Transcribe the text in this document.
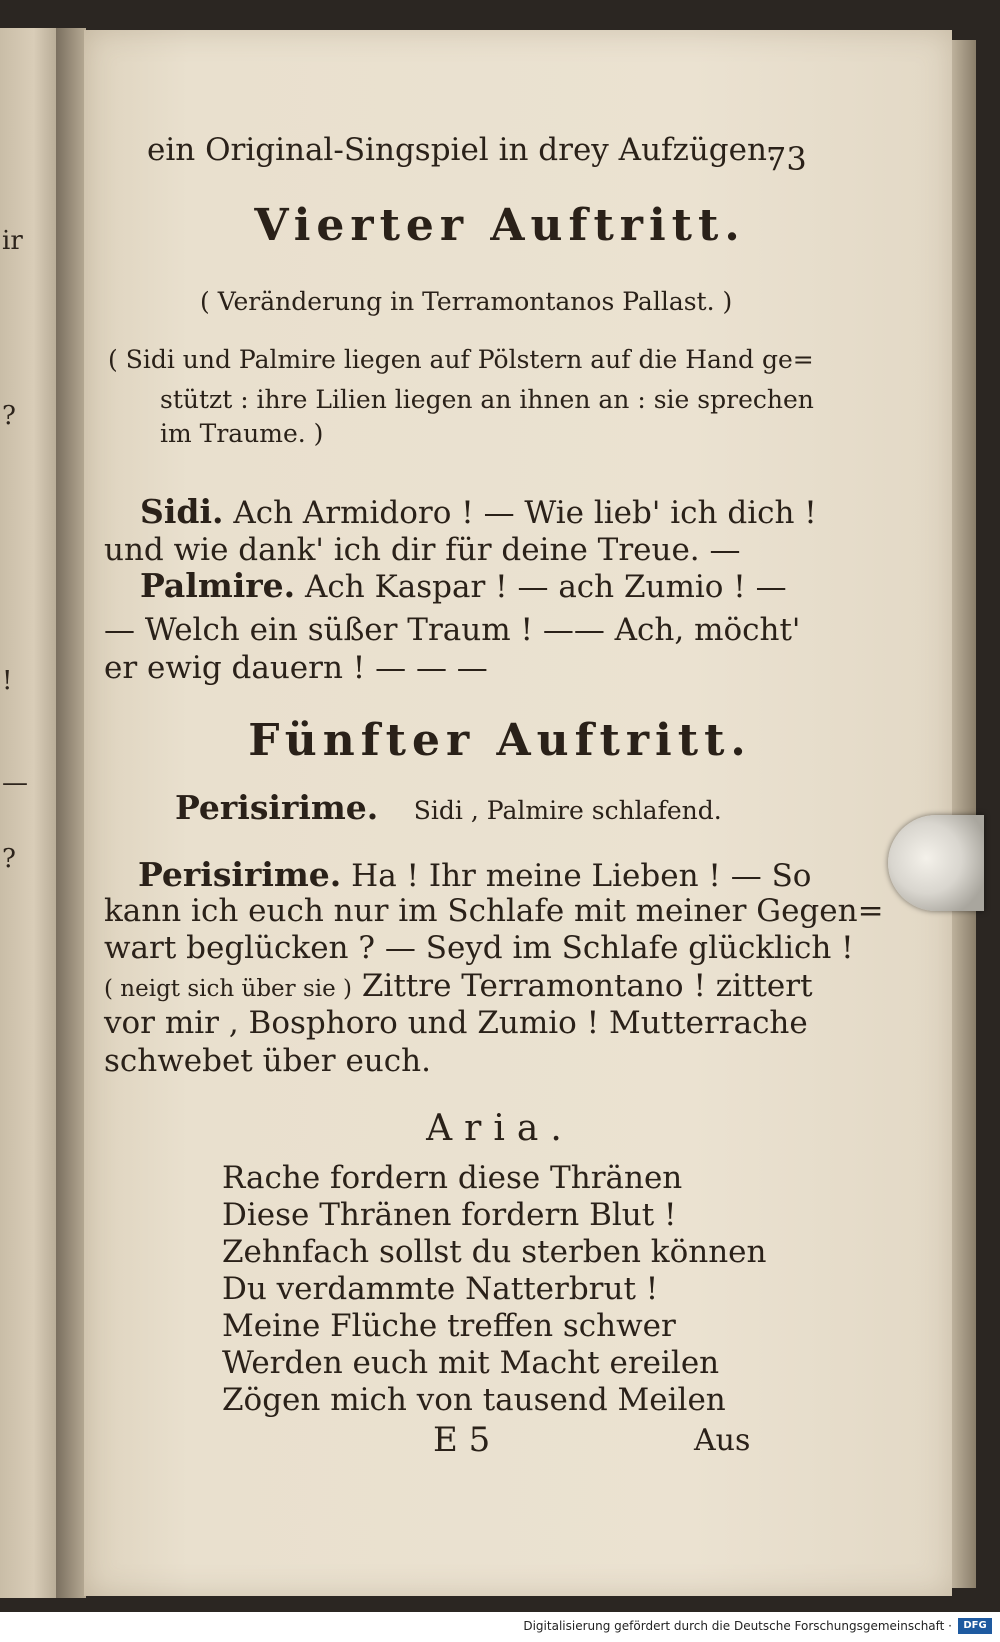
ir
?
!
—
?
ein Original-Singspiel in drey Aufzügen.
73
Vierter Auftritt.
( Veränderung in Terramontanos Pallast. )
( Sidi und Palmire liegen auf Pölstern auf die Hand ge=
stützt : ihre Lilien liegen an ihnen an : sie sprechen
im Traume. )
Sidi. Ach Armidoro ! — Wie lieb' ich dich !
und wie dank' ich dir für deine Treue. —
Palmire. Ach Kaspar ! — ach Zumio ! —
— Welch ein süßer Traum ! —— Ach, möcht'
er ewig dauern ! — — —
Fünfter Auftritt.
Perisirime. Sidi , Palmire schlafend.
Perisirime. Ha ! Ihr meine Lieben ! — So
kann ich euch nur im Schlafe mit meiner Gegen=
wart beglücken ? — Seyd im Schlafe glücklich !
( neigt sich über sie ) Zittre Terramontano ! zittert
vor mir , Bosphoro und Zumio ! Mutterrache
schwebet über euch.
Aria.
Rache fordern diese Thränen
Diese Thränen fordern Blut !
Zehnfach sollst du sterben können
Du verdammte Natterbrut !
Meine Flüche treffen schwer
Werden euch mit Macht ereilen
Zögen mich von tausend Meilen
E 5	Aus
Digitalisierung gefördert durch die Deutsche Forschungsgemeinschaft ·	DFG
